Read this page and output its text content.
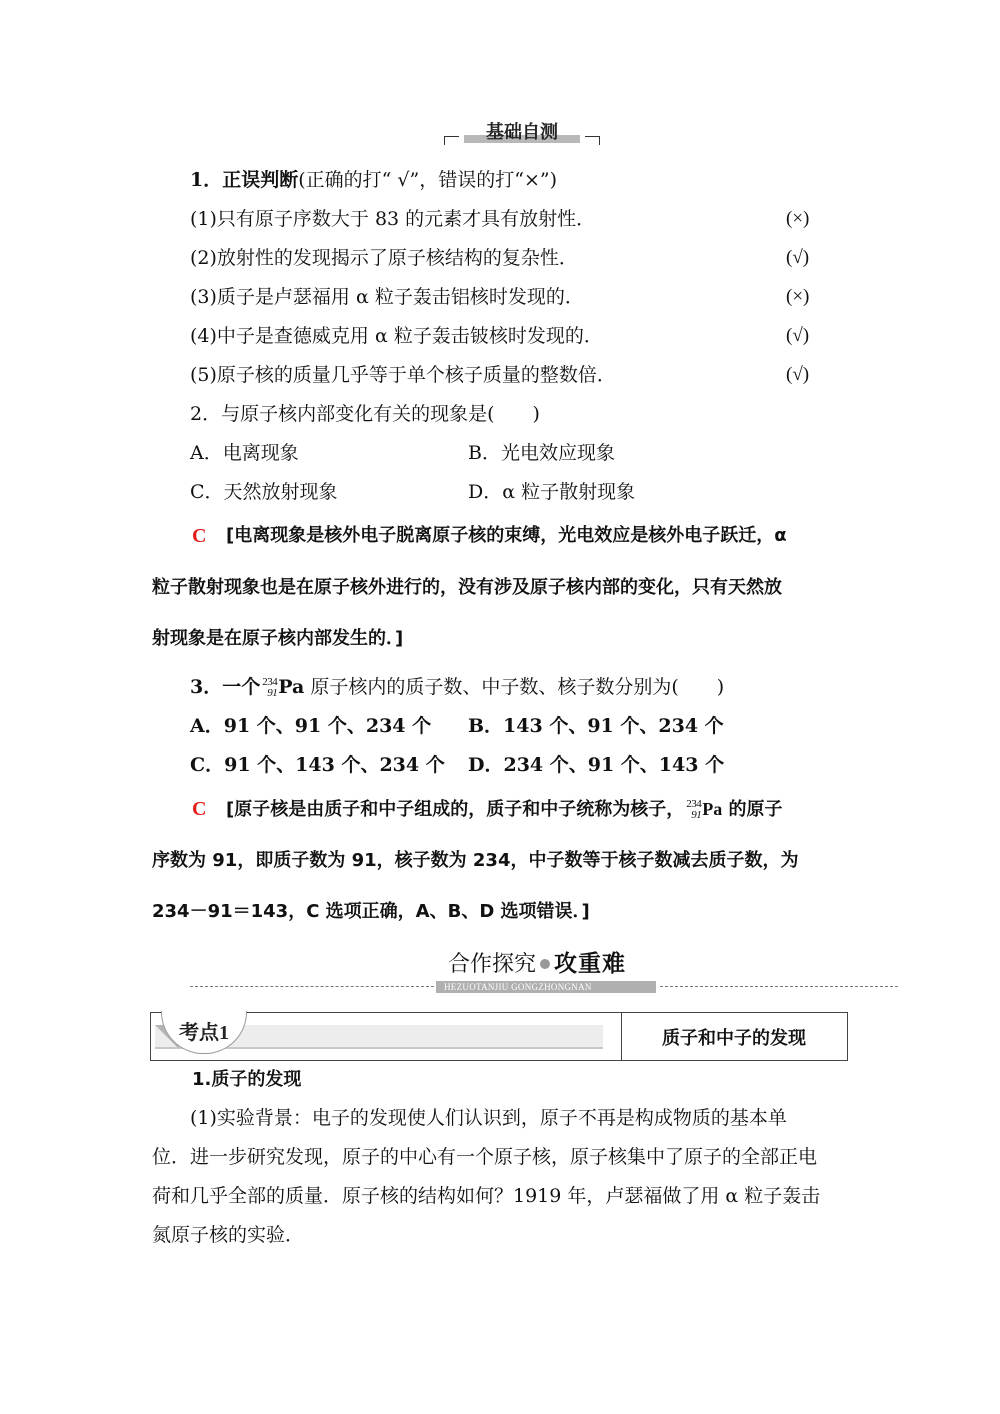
基础自测
1．正误判断(正确的打“ √”，错误的打“×”)
(1)只有原子序数大于 83 的元素才具有放射性．	(×)
(2)放射性的发现揭示了原子核结构的复杂性．	(√)
(3)质子是卢瑟福用 α 粒子轰击铝核时发现的．	(×)
(4)中子是查德威克用 α 粒子轰击铍核时发现的．	(√)
(5)原子核的质量几乎等于单个核子质量的整数倍．	(√)
2．与原子核内部变化有关的现象是(　　)
A．电离现象	B．光电效应现象
C．天然放射现象	D．α 粒子散射现象
C [电离现象是核外电子脱离原子核的束缚，光电效应是核外电子跃迁，α
粒子散射现象也是在原子核外进行的，没有涉及原子核内部的变化，只有天然放
射现象是在原子核内部发生的．]
3．一个 234
91 Pa 原子核内的质子数、中子数、核子数分别为(　　)
A．91 个、91 个、234 个 B．143 个、91 个、234 个
C．91 个、143 个、234 个 D．234 个、91 个、143 个
C [原子核是由质子和中子组成的，质子和中子统称为核子， 234
91 Pa 的原子
序数为 91，即质子数为 91，核子数为 234，中子数等于核子数减去质子数，为
234－91＝143，C 选项正确，A、B、D 选项错误．]
合作探究 攻重难
HEZUOTANJIU GONGZHONGNAN
考点1	质子和中子的发现
1.质子的发现
(1)实验背景：电子的发现使人们认识到，原子不再是构成物质的基本单
位．进一步研究发现，原子的中心有一个原子核，原子核集中了原子的全部正电
荷和几乎全部的质量．原子核的结构如何？1919 年，卢瑟福做了用 α 粒子轰击
氮原子核的实验．
